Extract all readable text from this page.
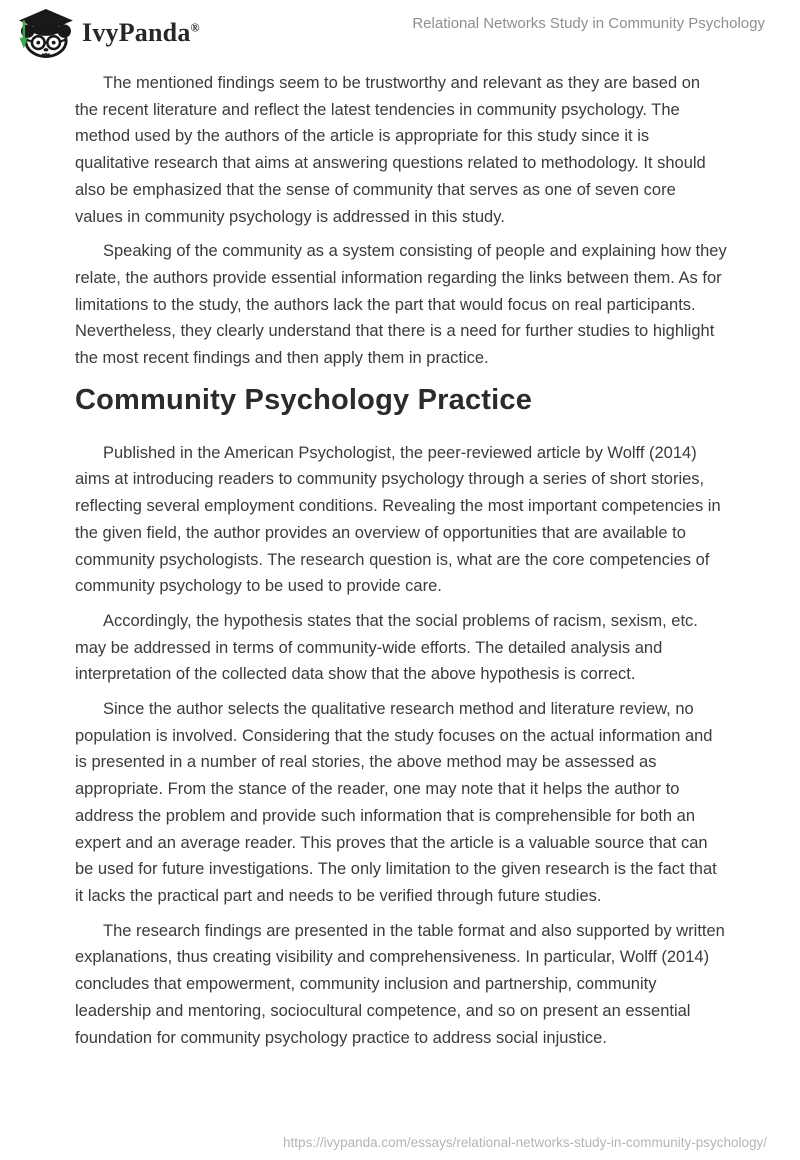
IvyPanda®	Relational Networks Study in Community Psychology

The mentioned findings seem to be trustworthy and relevant as they are based on the recent literature and reflect the latest tendencies in community psychology. The method used by the authors of the article is appropriate for this study since it is qualitative research that aims at answering questions related to methodology. It should also be emphasized that the sense of community that serves as one of seven core values in community psychology is addressed in this study.

Speaking of the community as a system consisting of people and explaining how they relate, the authors provide essential information regarding the links between them. As for limitations to the study, the authors lack the part that would focus on real participants. Nevertheless, they clearly understand that there is a need for further studies to highlight the most recent findings and then apply them in practice.

Community Psychology Practice

Published in the American Psychologist, the peer-reviewed article by Wolff (2014) aims at introducing readers to community psychology through a series of short stories, reflecting several employment conditions. Revealing the most important competencies in the given field, the author provides an overview of opportunities that are available to community psychologists. The research question is, what are the core competencies of community psychology to be used to provide care.

Accordingly, the hypothesis states that the social problems of racism, sexism, etc. may be addressed in terms of community-wide efforts. The detailed analysis and interpretation of the collected data show that the above hypothesis is correct.

Since the author selects the qualitative research method and literature review, no population is involved. Considering that the study focuses on the actual information and is presented in a number of real stories, the above method may be assessed as appropriate. From the stance of the reader, one may note that it helps the author to address the problem and provide such information that is comprehensible for both an expert and an average reader. This proves that the article is a valuable source that can be used for future investigations. The only limitation to the given research is the fact that it lacks the practical part and needs to be verified through future studies.

The research findings are presented in the table format and also supported by written explanations, thus creating visibility and comprehensiveness. In particular, Wolff (2014) concludes that empowerment, community inclusion and partnership, community leadership and mentoring, sociocultural competence, and so on present an essential foundation for community psychology practice to address social injustice.

https://ivypanda.com/essays/relational-networks-study-in-community-psychology/
